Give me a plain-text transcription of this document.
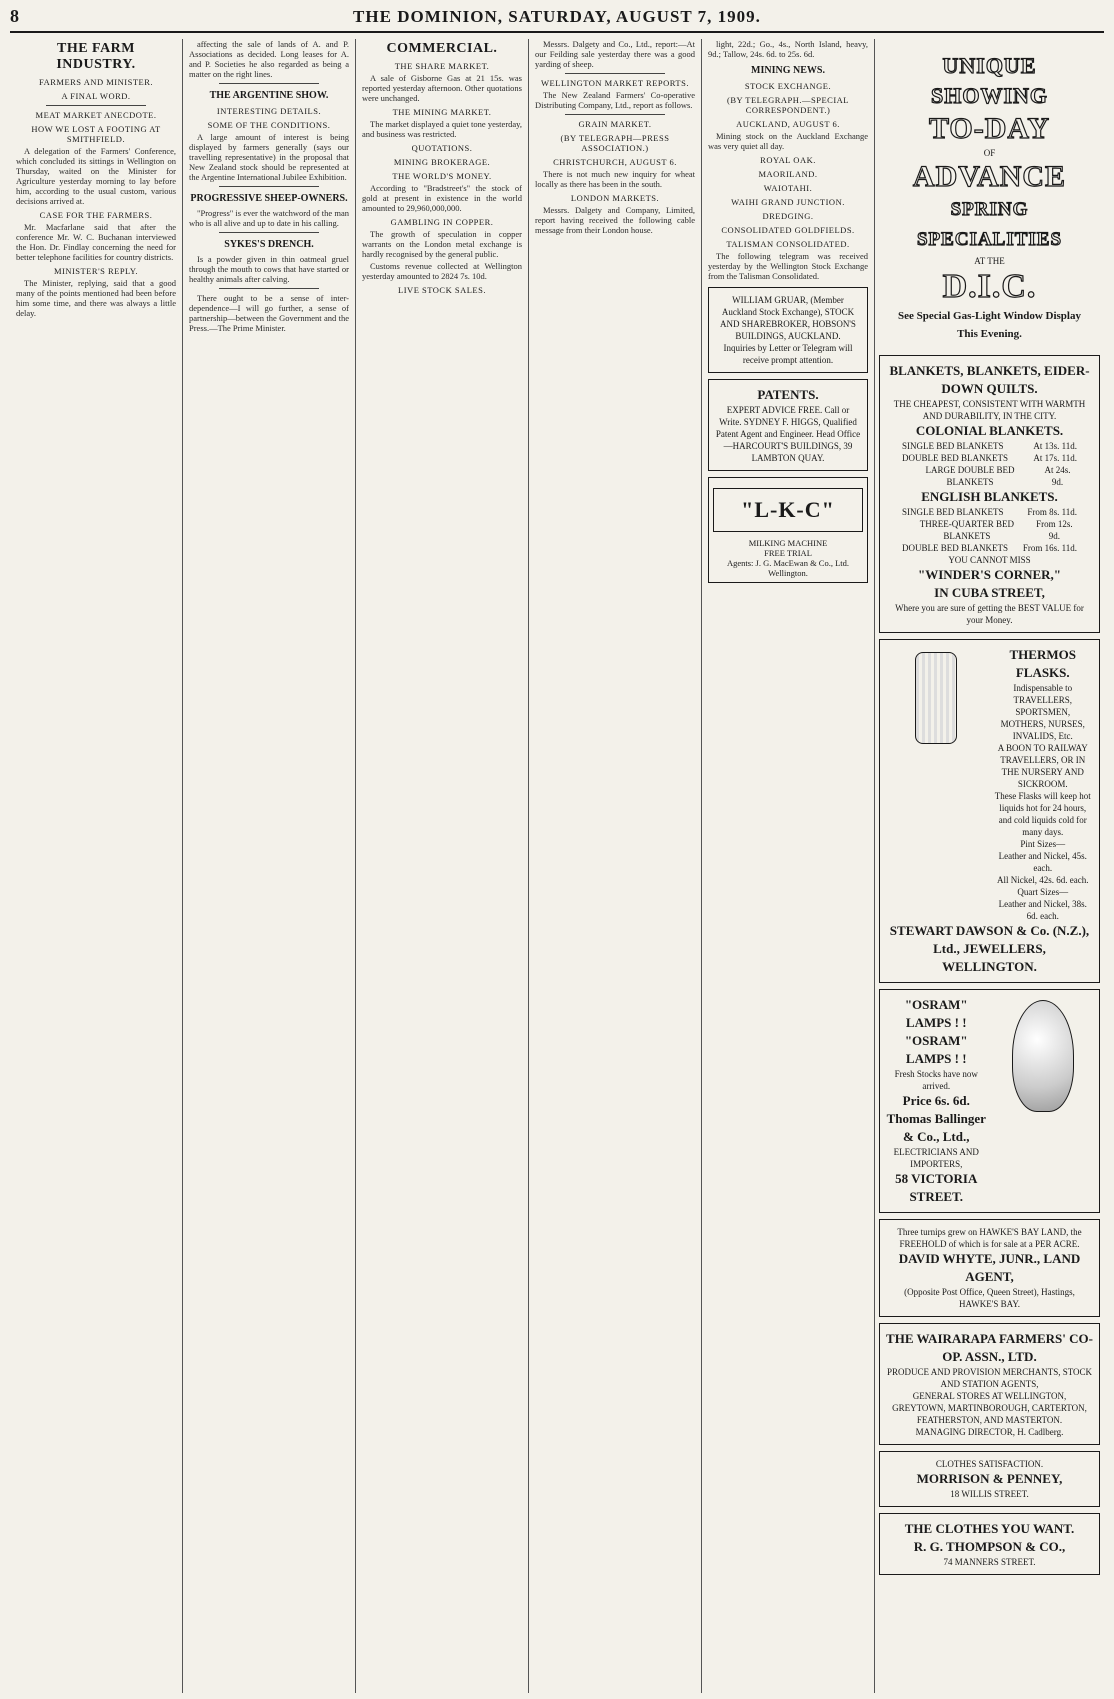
8	THE DOMINION, SATURDAY, AUGUST 7, 1909.
THE FARM INDUSTRY.
FARMERS AND MINISTER.
A FINAL WORD.
MEAT MARKET ANECDOTE.
HOW WE LOST A FOOTING AT SMITHFIELD.

A delegation of the Farmers' Conference, which concluded its sittings in Wellington on Thursday, waited on the Minister for Agriculture yesterday morning to lay before him, according to the usual custom, various decisions arrived at.

CASE FOR THE FARMERS.

Mr. Macfarlane said that after the conference Mr. W. C. Buchanan interviewed the Hon. Dr. Findlay concerning the need for better telephone facilities for country districts.

MINISTER'S REPLY.

The Minister, replying, said that a good many of the points mentioned had been before him some time, and there was always a little delay.

affecting the sale of lands of A. and P. Associations as decided. Long leases for A. and P. Societies he also regarded as being a matter on the right lines.

THE ARGENTINE SHOW.
INTERESTING DETAILS.
SOME OF THE CONDITIONS.

A large amount of interest is being displayed by farmers generally (says our travelling representative) in the proposal that New Zealand stock should be represented at the Argentine International Jubilee Exhibition.

PROGRESSIVE SHEEP-OWNERS.

"Progress" is ever the watchword of the man who is all alive and up to date in his calling.

SYKES'S DRENCH.

Is a powder given in thin oatmeal gruel through the mouth to cows that have started or healthy animals after calving.

There ought to be a sense of inter-dependence—I will go further, a sense of partnership—between the Government and the Press.—The Prime Minister.

COMMERCIAL.
THE SHARE MARKET.

A sale of Gisborne Gas at 21 15s. was reported yesterday afternoon. Other quotations were unchanged.

THE MINING MARKET.

The market displayed a quiet tone yesterday, and business was restricted.

QUOTATIONS.
MINING BROKERAGE.
THE WORLD'S MONEY.

According to "Bradstreet's" the stock of gold at present in existence in the world amounted to 29,960,000,000.

GAMBLING IN COPPER.

The growth of speculation in copper warrants on the London metal exchange is hardly recognised by the general public.

Customs revenue collected at Wellington yesterday amounted to 2824 7s. 10d.

LIVE STOCK SALES.

Messrs. Dalgety and Co., Ltd., report:—At our Feilding sale yesterday there was a good yarding of sheep.

WELLINGTON MARKET REPORTS.

The New Zealand Farmers' Co-operative Distributing Company, Ltd., report as follows.

GRAIN MARKET.
(BY TELEGRAPH—PRESS ASSOCIATION.)
CHRISTCHURCH, AUGUST 6.

There is not much new inquiry for wheat locally as there has been in the south.

LONDON MARKETS.

Messrs. Dalgety and Company, Limited, report having received the following cable message from their London house.

light, 22d.; Go., 4s., North Island, heavy, 9d.; Tallow, 24s. 6d. to 25s. 6d.

MINING NEWS.
STOCK EXCHANGE.
(BY TELEGRAPH.—SPECIAL CORRESPONDENT.)
AUCKLAND, AUGUST 6.

Mining stock on the Auckland Exchange was very quiet all day.

ROYAL OAK.
MAORILAND.
WAIOTAHI.
WAIHI GRAND JUNCTION.
DREDGING.
CONSOLIDATED GOLDFIELDS.
TALISMAN CONSOLIDATED.

The following telegram was received yesterday by the Wellington Stock Exchange from the Talisman Consolidated.

WILLIAM GRUAR, (Member Auckland Stock Exchange), STOCK AND SHAREBROKER, HOBSON'S BUILDINGS, AUCKLAND.
Inquiries by Letter or Telegram will receive prompt attention.
PATENTS.
EXPERT ADVICE FREE. Call or Write. SYDNEY F. HIGGS, Qualified Patent Agent and Engineer. Head Office—HARCOURT'S BUILDINGS, 39 LAMBTON QUAY.
"L-K-C"
MILKING MACHINE
FREE TRIAL
Agents: J. G. MacEwan & Co., Ltd. Wellington.
UNIQUE SHOWING
TO-DAY
OF
ADVANCE
SPRING SPECIALITIES
AT THE
D.I.C.
See Special Gas-Light Window Display
This Evening.
BLANKETS, BLANKETS, EIDER-DOWN QUILTS.
THE CHEAPEST, CONSISTENT WITH WARMTH AND DURABILITY, IN THE CITY.
COLONIAL BLANKETS.
SINGLE BED BLANKETS	At 13s. 11d.
DOUBLE BED BLANKETS	At 17s. 11d.
LARGE DOUBLE BED BLANKETS
At 24s. 9d.
ENGLISH BLANKETS.
SINGLE BED BLANKETS	From 8s. 11d.
THREE-QUARTER BED BLANKETS
From 12s. 9d.
DOUBLE BED BLANKETS From 16s. 11d.
YOU CANNOT MISS
"WINDER'S CORNER,"
IN CUBA STREET,
Where you are sure of getting the BEST VALUE for your Money.
THERMOS FLASKS.
Indispensable to TRAVELLERS, SPORTSMEN, MOTHERS, NURSES, INVALIDS, Etc.
A BOON TO RAILWAY TRAVELLERS, OR IN THE NURSERY AND SICKROOM.
These Flasks will keep hot liquids hot for 24 hours, and cold liquids cold for many days.
Pint Sizes—
Leather and Nickel, 45s. each.
All Nickel, 42s. 6d. each.
Quart Sizes—
Leather and Nickel, 38s. 6d. each.
STEWART DAWSON & Co. (N.Z.), Ltd., JEWELLERS, WELLINGTON.
"OSRAM" LAMPS ! !
"OSRAM" LAMPS ! !
Fresh Stocks have now arrived.
Price 6s. 6d.
Thomas Ballinger & Co., Ltd.,
ELECTRICIANS AND IMPORTERS,
58 VICTORIA STREET.
Three turnips grew on HAWKE'S BAY LAND, the FREEHOLD of which is for sale at a PER ACRE.
DAVID WHYTE, JUNR., LAND AGENT,
(Opposite Post Office, Queen Street), Hastings, HAWKE'S BAY.
THE WAIRARAPA FARMERS' CO-OP. ASSN., LTD.
PRODUCE AND PROVISION MERCHANTS, STOCK AND STATION AGENTS,
GENERAL STORES AT WELLINGTON, GREYTOWN, MARTINBOROUGH, CARTERTON, FEATHERSTON, AND MASTERTON.
MANAGING DIRECTOR, H. Cadlberg.
CLOTHES SATISFACTION.
MORRISON & PENNEY,
18 WILLIS STREET.
THE CLOTHES YOU WANT.
R. G. THOMPSON & CO.,
74 MANNERS STREET.
